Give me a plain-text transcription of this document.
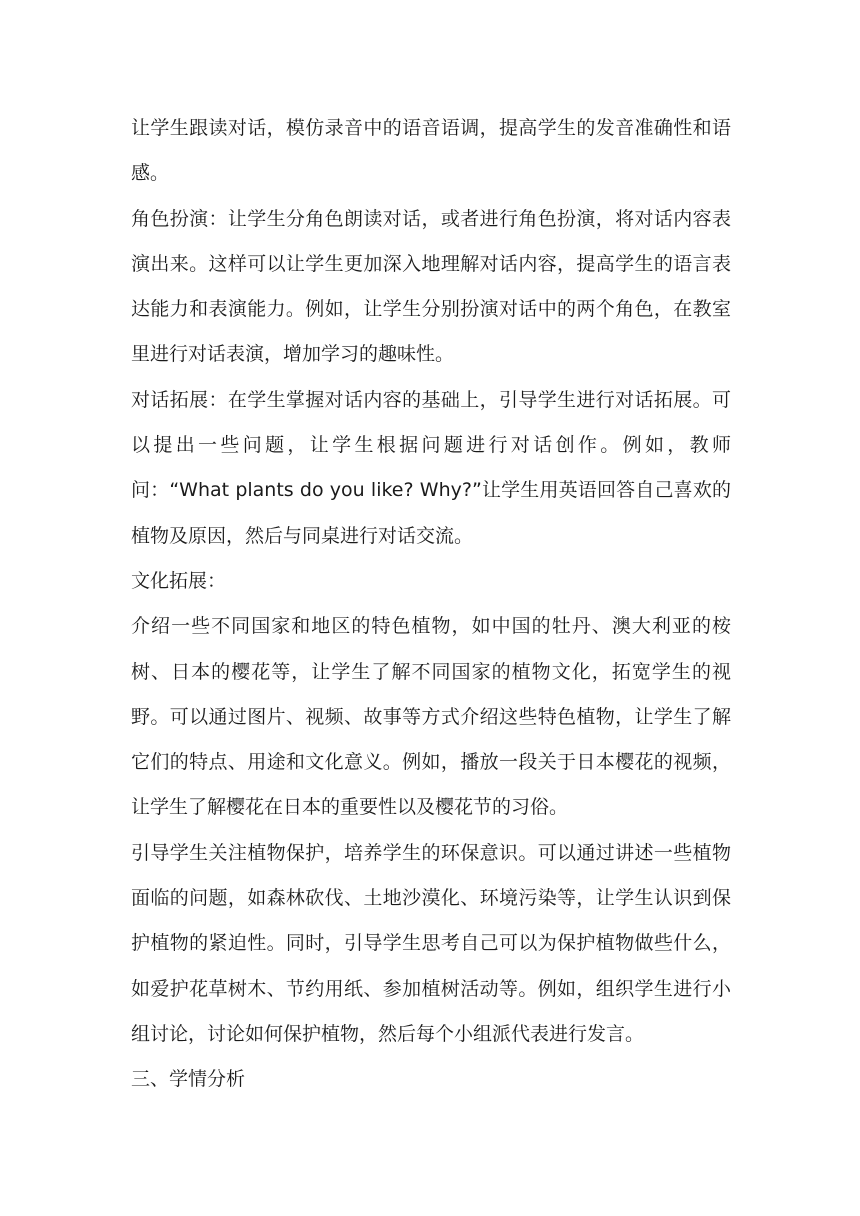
让学生跟读对话，模仿录音中的语音语调，提高学生的发音准确性和语感。

角色扮演：让学生分角色朗读对话，或者进行角色扮演，将对话内容表演出来。这样可以让学生更加深入地理解对话内容，提高学生的语言表达能力和表演能力。例如，让学生分别扮演对话中的两个角色，在教室里进行对话表演，增加学习的趣味性。

对话拓展：在学生掌握对话内容的基础上，引导学生进行对话拓展。可以提出一些问题，让学生根据问题进行对话创作。例如，教师问：“What plants do you like? Why?”让学生用英语回答自己喜欢的植物及原因，然后与同桌进行对话交流。

文化拓展：

介绍一些不同国家和地区的特色植物，如中国的牡丹、澳大利亚的桉树、日本的樱花等，让学生了解不同国家的植物文化，拓宽学生的视野。可以通过图片、视频、故事等方式介绍这些特色植物，让学生了解它们的特点、用途和文化意义。例如，播放一段关于日本樱花的视频，让学生了解樱花在日本的重要性以及樱花节的习俗。

引导学生关注植物保护，培养学生的环保意识。可以通过讲述一些植物面临的问题，如森林砍伐、土地沙漠化、环境污染等，让学生认识到保护植物的紧迫性。同时，引导学生思考自己可以为保护植物做些什么，如爱护花草树木、节约用纸、参加植树活动等。例如，组织学生进行小组讨论，讨论如何保护植物，然后每个小组派代表进行发言。

三、学情分析
